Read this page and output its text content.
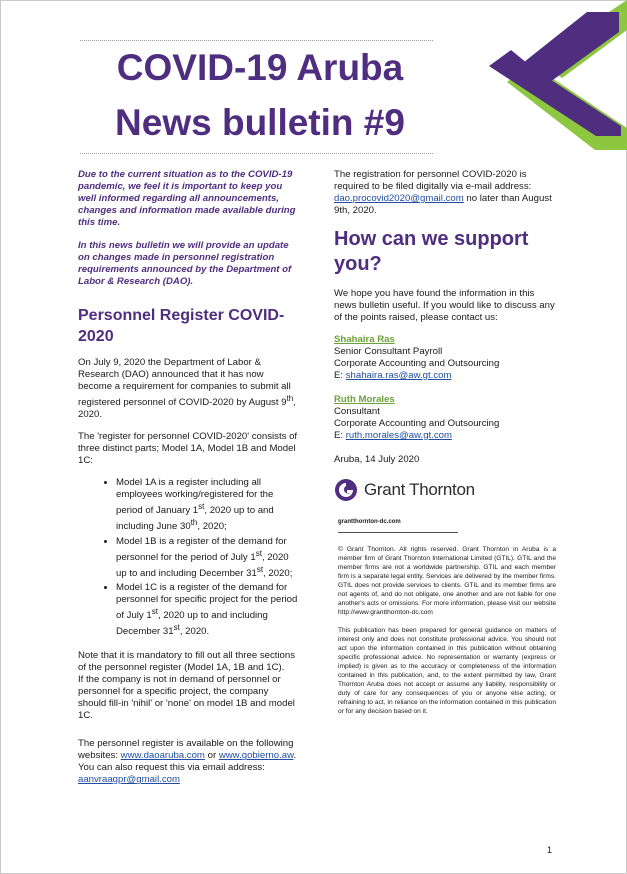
COVID-19 Aruba
News bulletin #9

Due to the current situation as to the COVID-19 pandemic, we feel it is important to keep you well informed regarding all announcements, changes and information made available during this time.

In this news bulletin we will provide an update on changes made in personnel registration requirements announced by the Department of Labor & Research (DAO).

Personnel Register COVID-2020

On July 9, 2020 the Department of Labor & Research (DAO) announced that it has now become a requirement for companies to submit all registered personnel of COVID-2020 by August 9th, 2020.

The 'register for personnel COVID-2020' consists of three distinct parts; Model 1A, Model 1B and Model 1C:

• Model 1A is a register including all employees working/registered for the period of January 1st, 2020 up to and including June 30th, 2020;
• Model 1B is a register of the demand for personnel for the period of July 1st, 2020 up to and including December 31st, 2020;
• Model 1C is a register of the demand for personnel for specific project for the period of July 1st, 2020 up to and including December 31st, 2020.

Note that it is mandatory to fill out all three sections of the personnel register (Model 1A, 1B and 1C).

If the company is not in demand of personnel or personnel for a specific project, the company should fill-in 'nihil' or 'none' on model 1B and model 1C.

The personnel register is available on the following websites: www.daoaruba.com or www.gobierno.aw. You can also request this via email address: aanvraagpr@gmail.com

The registration for personnel COVID-2020 is required to be filed digitally via e-mail address: dao.procovid2020@gmail.com no later than August 9th, 2020.

How can we support you?

We hope you have found the information in this news bulletin useful. If you would like to discuss any of the points raised, please contact us:

Shahaira Ras

Senior Consultant Payroll

Corporate Accounting and Outsourcing

E: shahaira.ras@aw.gt.com

Ruth Morales

Consultant

Corporate Accounting and Outsourcing

E: ruth.morales@aw.gt.com

Aruba, 14 July 2020

Grant Thornton

grantthornton-dc.com

© Grant Thornton. All rights reserved. Grant Thornton in Aruba is a member firm of Grant Thornton International Limited (GTIL). GTIL and the member firms are not a worldwide partnership. GTIL and each member firm is a separate legal entity. Services are delivered by the member firms. GTIL does not provide services to clients. GTIL and its member firms are not agents of, and do not obligate, one another and are not liable for one another's acts or omissions. For more information, please visit our website http://www.grantthornton-dc.com

This publication has been prepared for general guidance on matters of interest only and does not constitute professional advice. You should not act upon the information contained in this publication without obtaining specific professional advice. No representation or warranty (express or implied) is given as to the accuracy or completeness of the information contained in this publication, and, to the extent permitted by law, Grant Thornton Aruba does not accept or assume any liability, responsibility or duty of care for any consequences of you or anyone else acting, or refraining to act, in reliance on the information contained in this publication or for any decision based on it.

1
